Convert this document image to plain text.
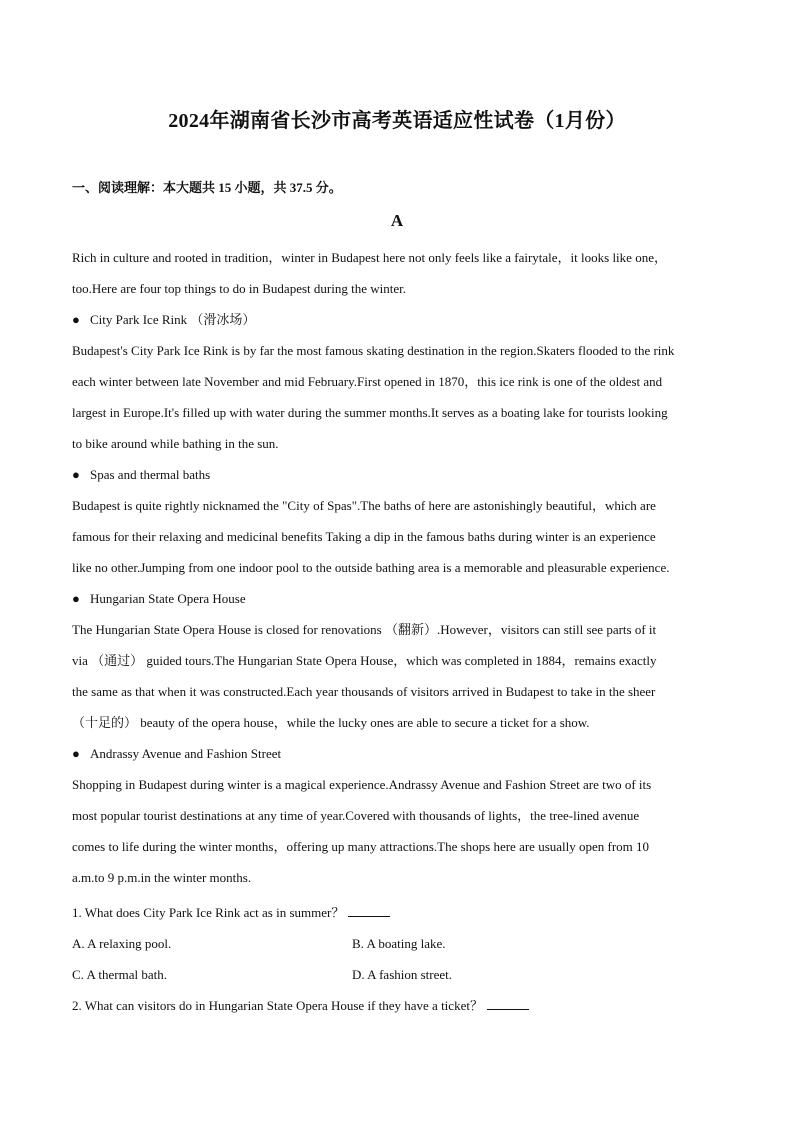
2024年湖南省长沙市高考英语适应性试卷（1月份）
一、阅读理解：本大题共 15 小题，共 37.5 分。
A
Rich in culture and rooted in tradition，winter in Budapest here not only feels like a fairytale，it looks like one，
too.Here are four top things to do in Budapest during the winter.
● City Park Ice Rink （滑冰场）
Budapest's City Park Ice Rink is by far the most famous skating destination in the region.Skaters flooded to the rink
each winter between late November and mid February.First opened in 1870，this ice rink is one of the oldest and
largest in Europe.It's filled up with water during the summer months.It serves as a boating lake for tourists looking
to bike around while bathing in the sun.
● Spas and thermal baths
Budapest is quite rightly nicknamed the "City of Spas".The baths of here are astonishingly beautiful，which are
famous for their relaxing and medicinal benefits Taking a dip in the famous baths during winter is an experience
like no other.Jumping from one indoor pool to the outside bathing area is a memorable and pleasurable experience.
● Hungarian State Opera House
The Hungarian State Opera House is closed for renovations （翻新）.However，visitors can still see parts of it
via （通过） guided tours.The Hungarian State Opera House，which was completed in 1884，remains exactly
the same as that when it was constructed.Each year thousands of visitors arrived in Budapest to take in the sheer
（十足的） beauty of the opera house，while the lucky ones are able to secure a ticket for a show.
● Andrassy Avenue and Fashion Street
Shopping in Budapest during winter is a magical experience.Andrassy Avenue and Fashion Street are two of its
most popular tourist destinations at any time of year.Covered with thousands of lights，the tree-lined avenue
comes to life during the winter months，offering up many attractions.The shops here are usually open from 10
a.m.to 9 p.m.in the winter months.
1. What does City Park Ice Rink act as in summer？
A. A relaxing pool.	B. A boating lake.
C. A thermal bath.	D. A fashion street.
2. What can visitors do in Hungarian State Opera House if they have a ticket？
